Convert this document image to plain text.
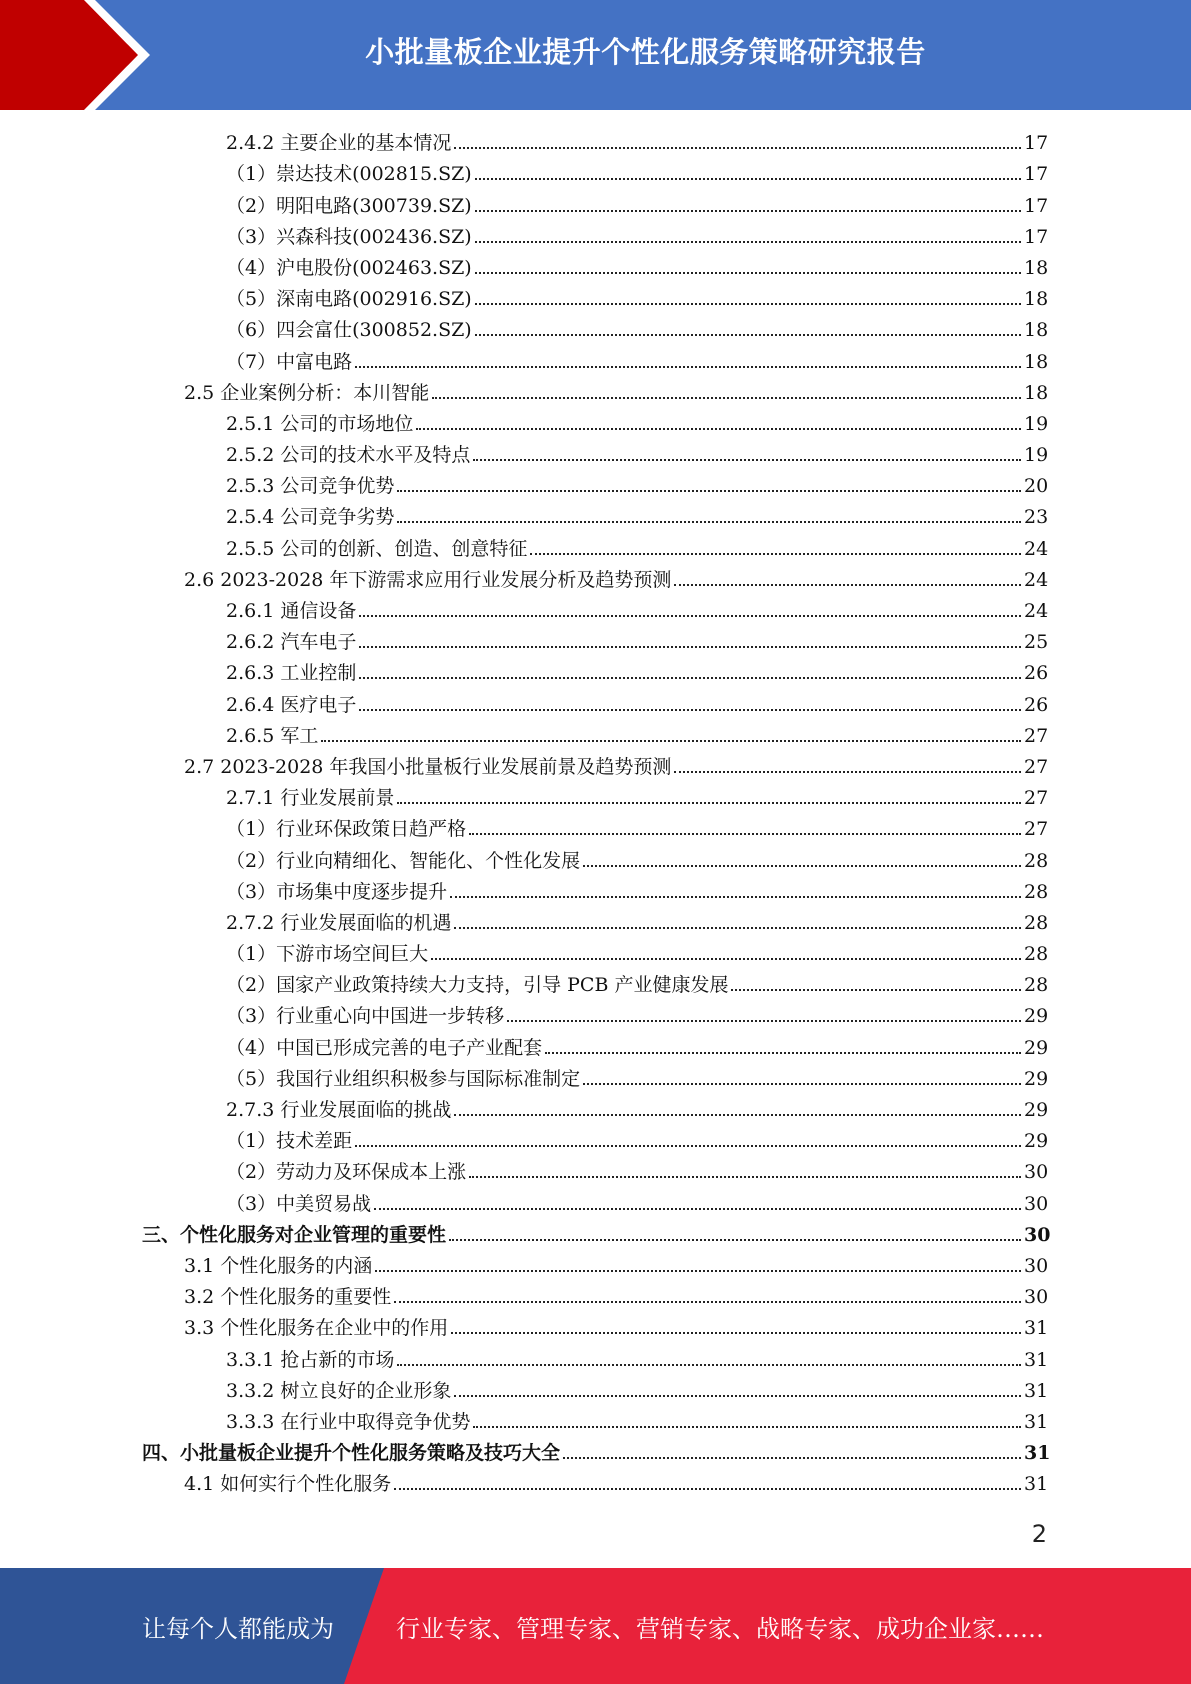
小批量板企业提升个性化服务策略研究报告
2.4.2 主要企业的基本情况	17
（1）崇达技术(002815.SZ)	17
（2）明阳电路(300739.SZ)	17
（3）兴森科技(002436.SZ)	17
（4）沪电股份(002463.SZ)	18
（5）深南电路(002916.SZ)	18
（6）四会富仕(300852.SZ)	18
（7）中富电路	18
2.5 企业案例分析：本川智能	18
2.5.1 公司的市场地位	19
2.5.2 公司的技术水平及特点	19
2.5.3 公司竞争优势	20
2.5.4 公司竞争劣势	23
2.5.5 公司的创新、创造、创意特征	24
2.6 2023-2028 年下游需求应用行业发展分析及趋势预测	24
2.6.1 通信设备	24
2.6.2 汽车电子	25
2.6.3 工业控制	26
2.6.4 医疗电子	26
2.6.5 军工	27
2.7 2023-2028 年我国小批量板行业发展前景及趋势预测	27
2.7.1 行业发展前景	27
（1）行业环保政策日趋严格	27
（2）行业向精细化、智能化、个性化发展	28
（3）市场集中度逐步提升	28
2.7.2 行业发展面临的机遇	28
（1）下游市场空间巨大	28
（2）国家产业政策持续大力支持，引导 PCB 产业健康发展	28
（3）行业重心向中国进一步转移	29
（4）中国已形成完善的电子产业配套	29
（5）我国行业组织积极参与国际标准制定	29
2.7.3 行业发展面临的挑战	29
（1）技术差距	29
（2）劳动力及环保成本上涨	30
（3）中美贸易战	30
三、个性化服务对企业管理的重要性	30
3.1 个性化服务的内涵	30
3.2 个性化服务的重要性	30
3.3 个性化服务在企业中的作用	31
3.3.1 抢占新的市场	31
3.3.2 树立良好的企业形象	31
3.3.3 在行业中取得竞争优势	31
四、小批量板企业提升个性化服务策略及技巧大全	31
4.1 如何实行个性化服务	31
2
让每个人都能成为	行业专家、管理专家、营销专家、战略专家、成功企业家……
